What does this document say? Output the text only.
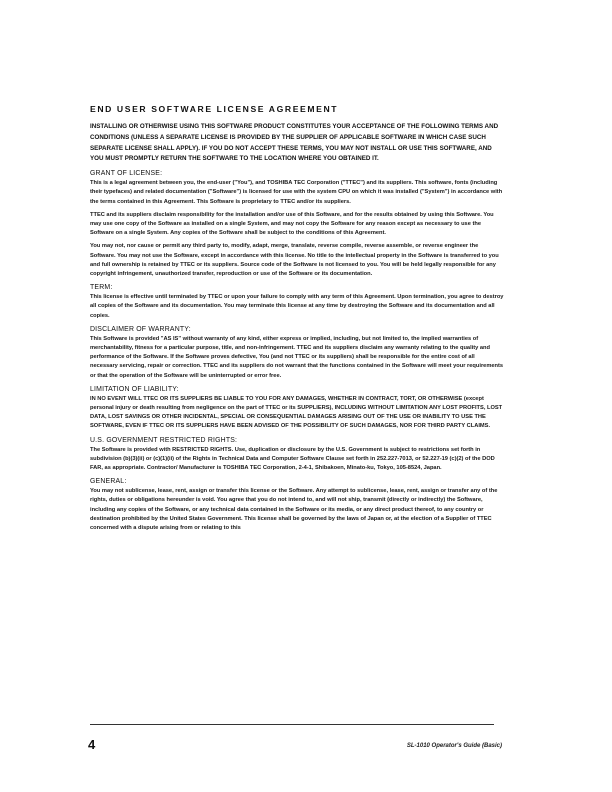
END USER SOFTWARE LICENSE AGREEMENT
INSTALLING OR OTHERWISE USING THIS SOFTWARE PRODUCT CONSTITUTES YOUR ACCEPTANCE OF THE FOLLOWING TERMS AND CONDITIONS (UNLESS A SEPARATE LICENSE IS PROVIDED BY THE SUPPLIER OF APPLICABLE SOFTWARE IN WHICH CASE SUCH SEPARATE LICENSE SHALL APPLY). IF YOU DO NOT ACCEPT THESE TERMS, YOU MAY NOT INSTALL OR USE THIS SOFTWARE, AND YOU MUST PROMPTLY RETURN THE SOFTWARE TO THE LOCATION WHERE YOU OBTAINED IT.
GRANT OF LICENSE:
This is a legal agreement between you, the end-user ("You"), and TOSHIBA TEC Corporation ("TTEC") and its suppliers. This software, fonts (including their typefaces) and related documentation ("Software") is licensed for use with the system CPU on which it was installed ("System") in accordance with the terms contained in this Agreement. This Software is proprietary to TTEC and/or its suppliers.
TTEC and its suppliers disclaim responsibility for the installation and/or use of this Software, and for the results obtained by using this Software. You may use one copy of the Software as installed on a single System, and may not copy the Software for any reason except as necessary to use the Software on a single System. Any copies of the Software shall be subject to the conditions of this Agreement.
You may not, nor cause or permit any third party to, modify, adapt, merge, translate, reverse compile, reverse assemble, or reverse engineer the Software. You may not use the Software, except in accordance with this license. No title to the intellectual property in the Software is transferred to you and full ownership is retained by TTEC or its suppliers. Source code of the Software is not licensed to you. You will be held legally responsible for any copyright infringement, unauthorized transfer, reproduction or use of the Software or its documentation.
TERM:
This license is effective until terminated by TTEC or upon your failure to comply with any term of this Agreement. Upon termination, you agree to destroy all copies of the Software and its documentation. You may terminate this license at any time by destroying the Software and its documentation and all copies.
DISCLAIMER OF WARRANTY:
This Software is provided "AS IS" without warranty of any kind, either express or implied, including, but not limited to, the implied warranties of merchantability, fitness for a particular purpose, title, and non-infringement. TTEC and its suppliers disclaim any warranty relating to the quality and performance of the Software. If the Software proves defective, You (and not TTEC or its suppliers) shall be responsible for the entire cost of all necessary servicing, repair or correction. TTEC and its suppliers do not warrant that the functions contained in the Software will meet your requirements or that the operation of the Software will be uninterrupted or error free.
LIMITATION OF LIABILITY:
IN NO EVENT WILL TTEC OR ITS SUPPLIERS BE LIABLE TO YOU FOR ANY DAMAGES, WHETHER IN CONTRACT, TORT, OR OTHERWISE (except personal injury or death resulting from negligence on the part of TTEC or its SUPPLIERS), INCLUDING WITHOUT LIMITATION ANY LOST PROFITS, LOST DATA, LOST SAVINGS OR OTHER INCIDENTAL, SPECIAL OR CONSEQUENTIAL DAMAGES ARISING OUT OF THE USE OR INABILITY TO USE THE SOFTWARE, EVEN IF TTEC OR ITS SUPPLIERS HAVE BEEN ADVISED OF THE POSSIBILITY OF SUCH DAMAGES, NOR FOR THIRD PARTY CLAIMS.
U.S. GOVERNMENT RESTRICTED RIGHTS:
The Software is provided with RESTRICTED RIGHTS. Use, duplication or disclosure by the U.S. Government is subject to restrictions set forth in subdivision (b)(3)(ii) or (c)(1)(ii) of the Rights in Technical Data and Computer Software Clause set forth in 252.227-7013, or 52.227-19 (c)(2) of the DOD FAR, as appropriate. Contractor/ Manufacturer is TOSHIBA TEC Corporation, 2-4-1, Shibakoen, Minato-ku, Tokyo, 105-8524, Japan.
GENERAL:
You may not sublicense, lease, rent, assign or transfer this license or the Software. Any attempt to sublicense, lease, rent, assign or transfer any of the rights, duties or obligations hereunder is void. You agree that you do not intend to, and will not ship, transmit (directly or indirectly) the Software, including any copies of the Software, or any technical data contained in the Software or its media, or any direct product thereof, to any country or destination prohibited by the United States Government. This license shall be governed by the laws of Japan or, at the election of a Supplier of TTEC concerned with a dispute arising from or relating to this
4	SL-1010 Operator's Guide (Basic)
